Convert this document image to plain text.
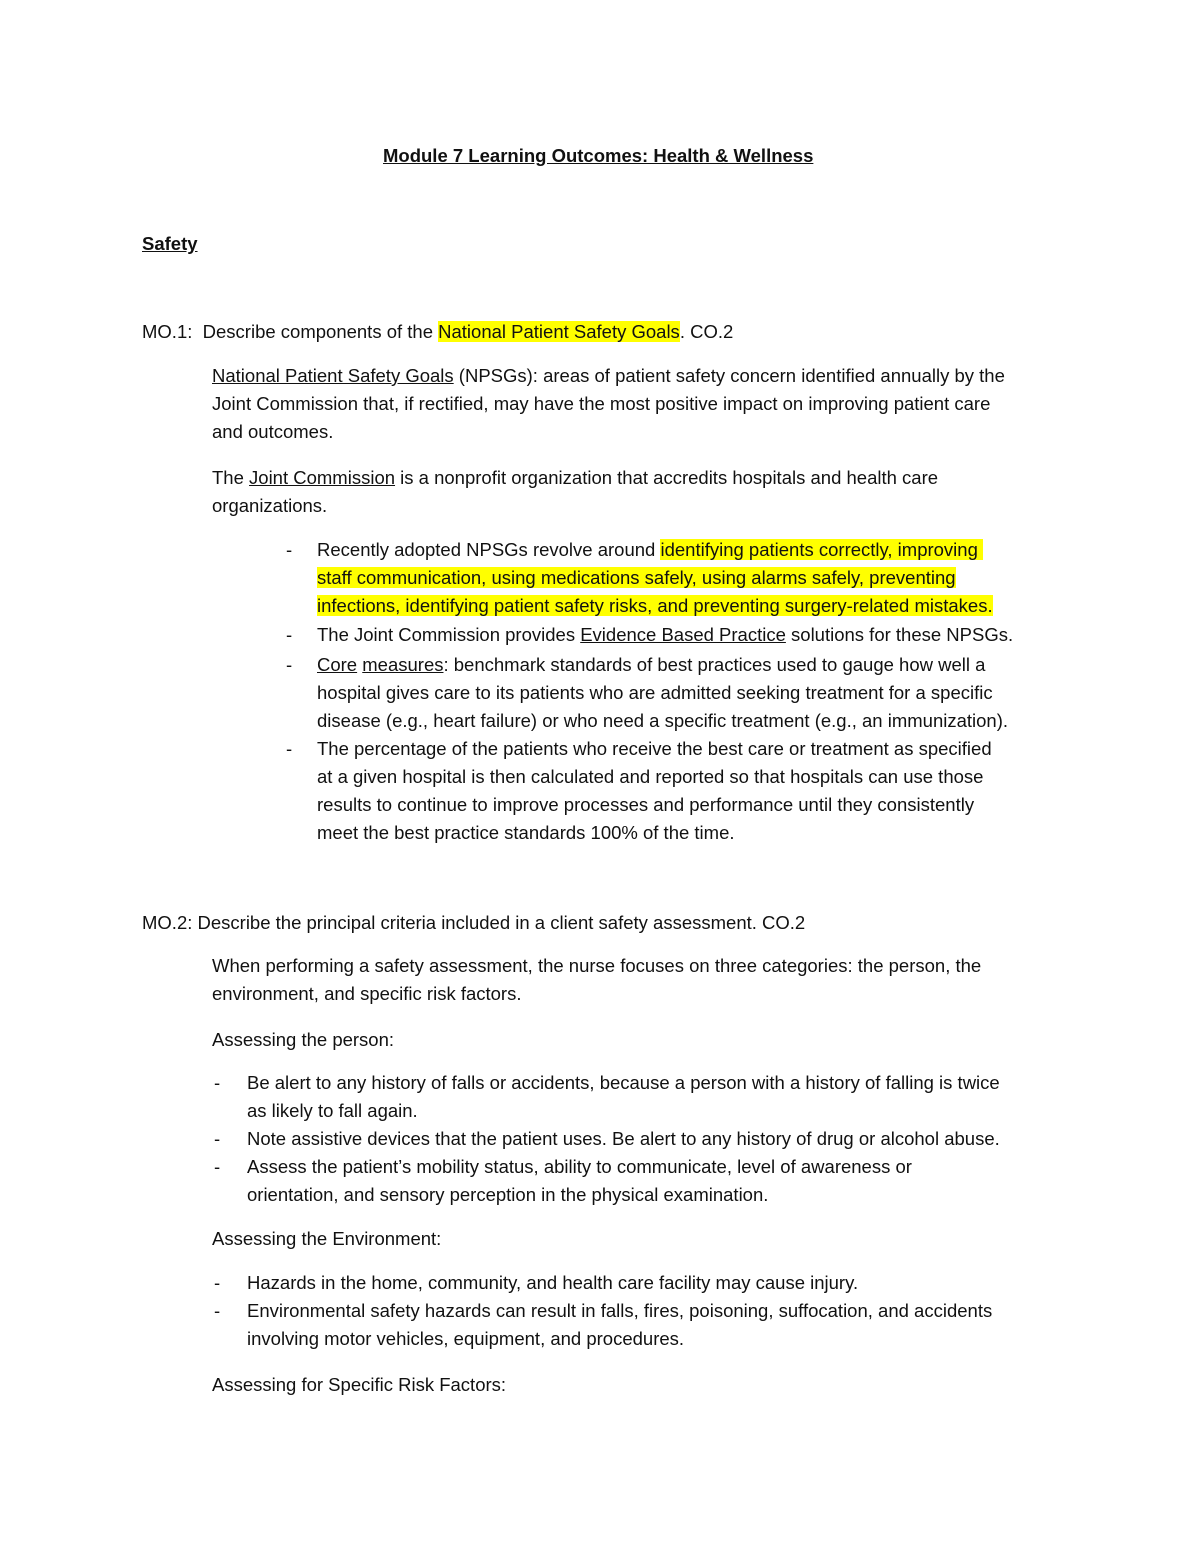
Module 7 Learning Outcomes: Health & Wellness
Safety
MO.1:  Describe components of the National Patient Safety Goals. CO.2
National Patient Safety Goals (NPSGs): areas of patient safety concern identified annually by the
Joint Commission that, if rectified, may have the most positive impact on improving patient care
and outcomes.
The Joint Commission is a nonprofit organization that accredits hospitals and health care
organizations.
- Recently adopted NPSGs revolve around identifying patients correctly, improving
staff communication, using medications safely, using alarms safely, preventing
infections, identifying patient safety risks, and preventing surgery-related mistakes.
- The Joint Commission provides Evidence Based Practice solutions for these NPSGs.
- Core measures: benchmark standards of best practices used to gauge how well a
hospital gives care to its patients who are admitted seeking treatment for a specific
disease (e.g., heart failure) or who need a specific treatment (e.g., an immunization).
- The percentage of the patients who receive the best care or treatment as specified
at a given hospital is then calculated and reported so that hospitals can use those
results to continue to improve processes and performance until they consistently
meet the best practice standards 100% of the time.
MO.2: Describe the principal criteria included in a client safety assessment. CO.2
When performing a safety assessment, the nurse focuses on three categories: the person, the
environment, and specific risk factors.
Assessing the person:
- Be alert to any history of falls or accidents, because a person with a history of falling is twice
as likely to fall again.
- Note assistive devices that the patient uses. Be alert to any history of drug or alcohol abuse.
- Assess the patient’s mobility status, ability to communicate, level of awareness or
orientation, and sensory perception in the physical examination.
Assessing the Environment:
- Hazards in the home, community, and health care facility may cause injury.
- Environmental safety hazards can result in falls, fires, poisoning, suffocation, and accidents
involving motor vehicles, equipment, and procedures.
Assessing for Specific Risk Factors:
